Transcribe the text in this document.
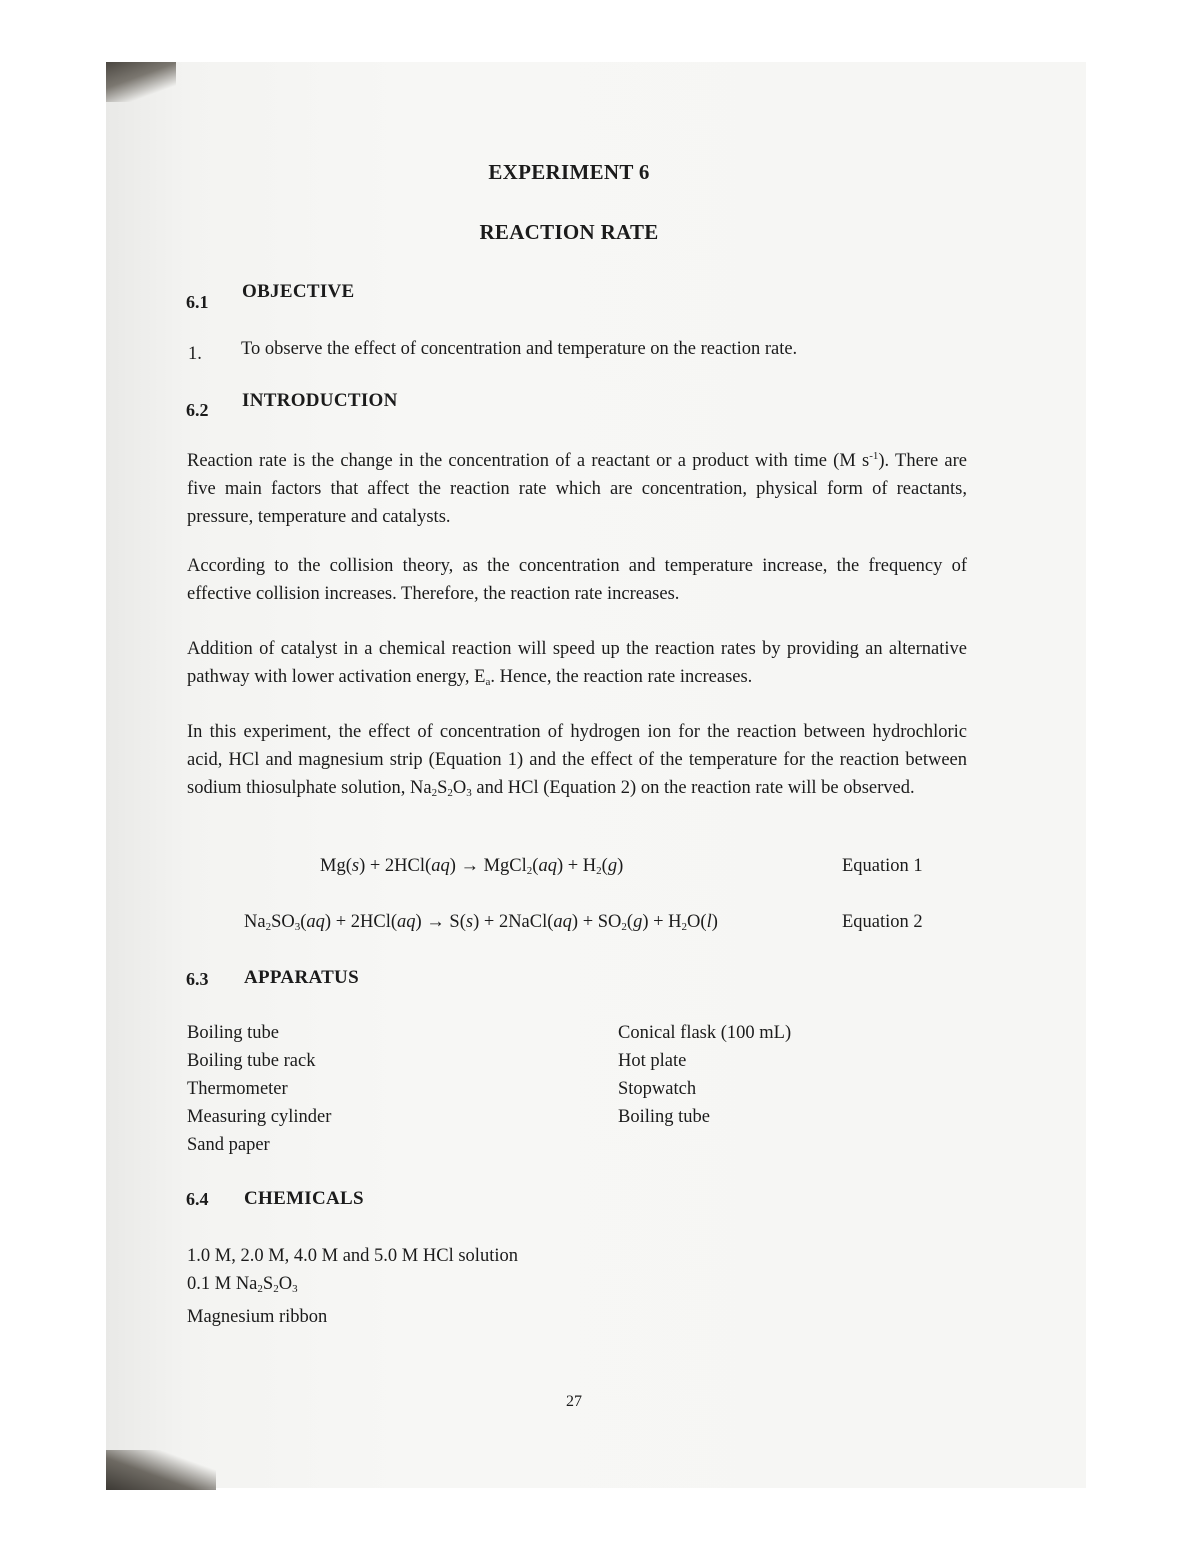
EXPERIMENT 6
REACTION RATE
6.1 OBJECTIVE
1. To observe the effect of concentration and temperature on the reaction rate.
6.2 INTRODUCTION
Reaction rate is the change in the concentration of a reactant or a product with time (M $s^{-1}$). There are five main factors that affect the reaction rate which are concentration, physical form of reactants, pressure, temperature and catalysts.
According to the collision theory, as the concentration and temperature increase, the frequency of effective collision increases. Therefore, the reaction rate increases.
Addition of catalyst in a chemical reaction will speed up the reaction rates by providing an alternative pathway with lower activation energy, $E_a$. Hence, the reaction rate increases.
In this experiment, the effect of concentration of hydrogen ion for the reaction between hydrochloric acid, HCl and magnesium strip (Equation 1) and the effect of the temperature for the reaction between sodium thiosulphate solution, $Na_2S_2O_3$ and HCl (Equation 2) on the reaction rate will be observed.
Mg(s) + 2HCl(aq) → MgCl$_2$(aq) + $H_2(g)$	Equation 1
$Na_2SO_3(aq) + 2HCl(aq) \to S(s)$ + 2NaCl(aq) + $SO_2(g) + H_2O(l)$	Equation 2
6.3 APPARATUS
Boiling tube
Boiling tube rack
Thermometer
Measuring cylinder
Sand paper
Conical flask (100 mL)
Hot plate
Stopwatch
Boiling tube
6.4 CHEMICALS
1.0 M, 2.0 M, 4.0 M and 5.0 M HCl solution
0.1 M $Na_2S_2O_3$
Magnesium ribbon
27
